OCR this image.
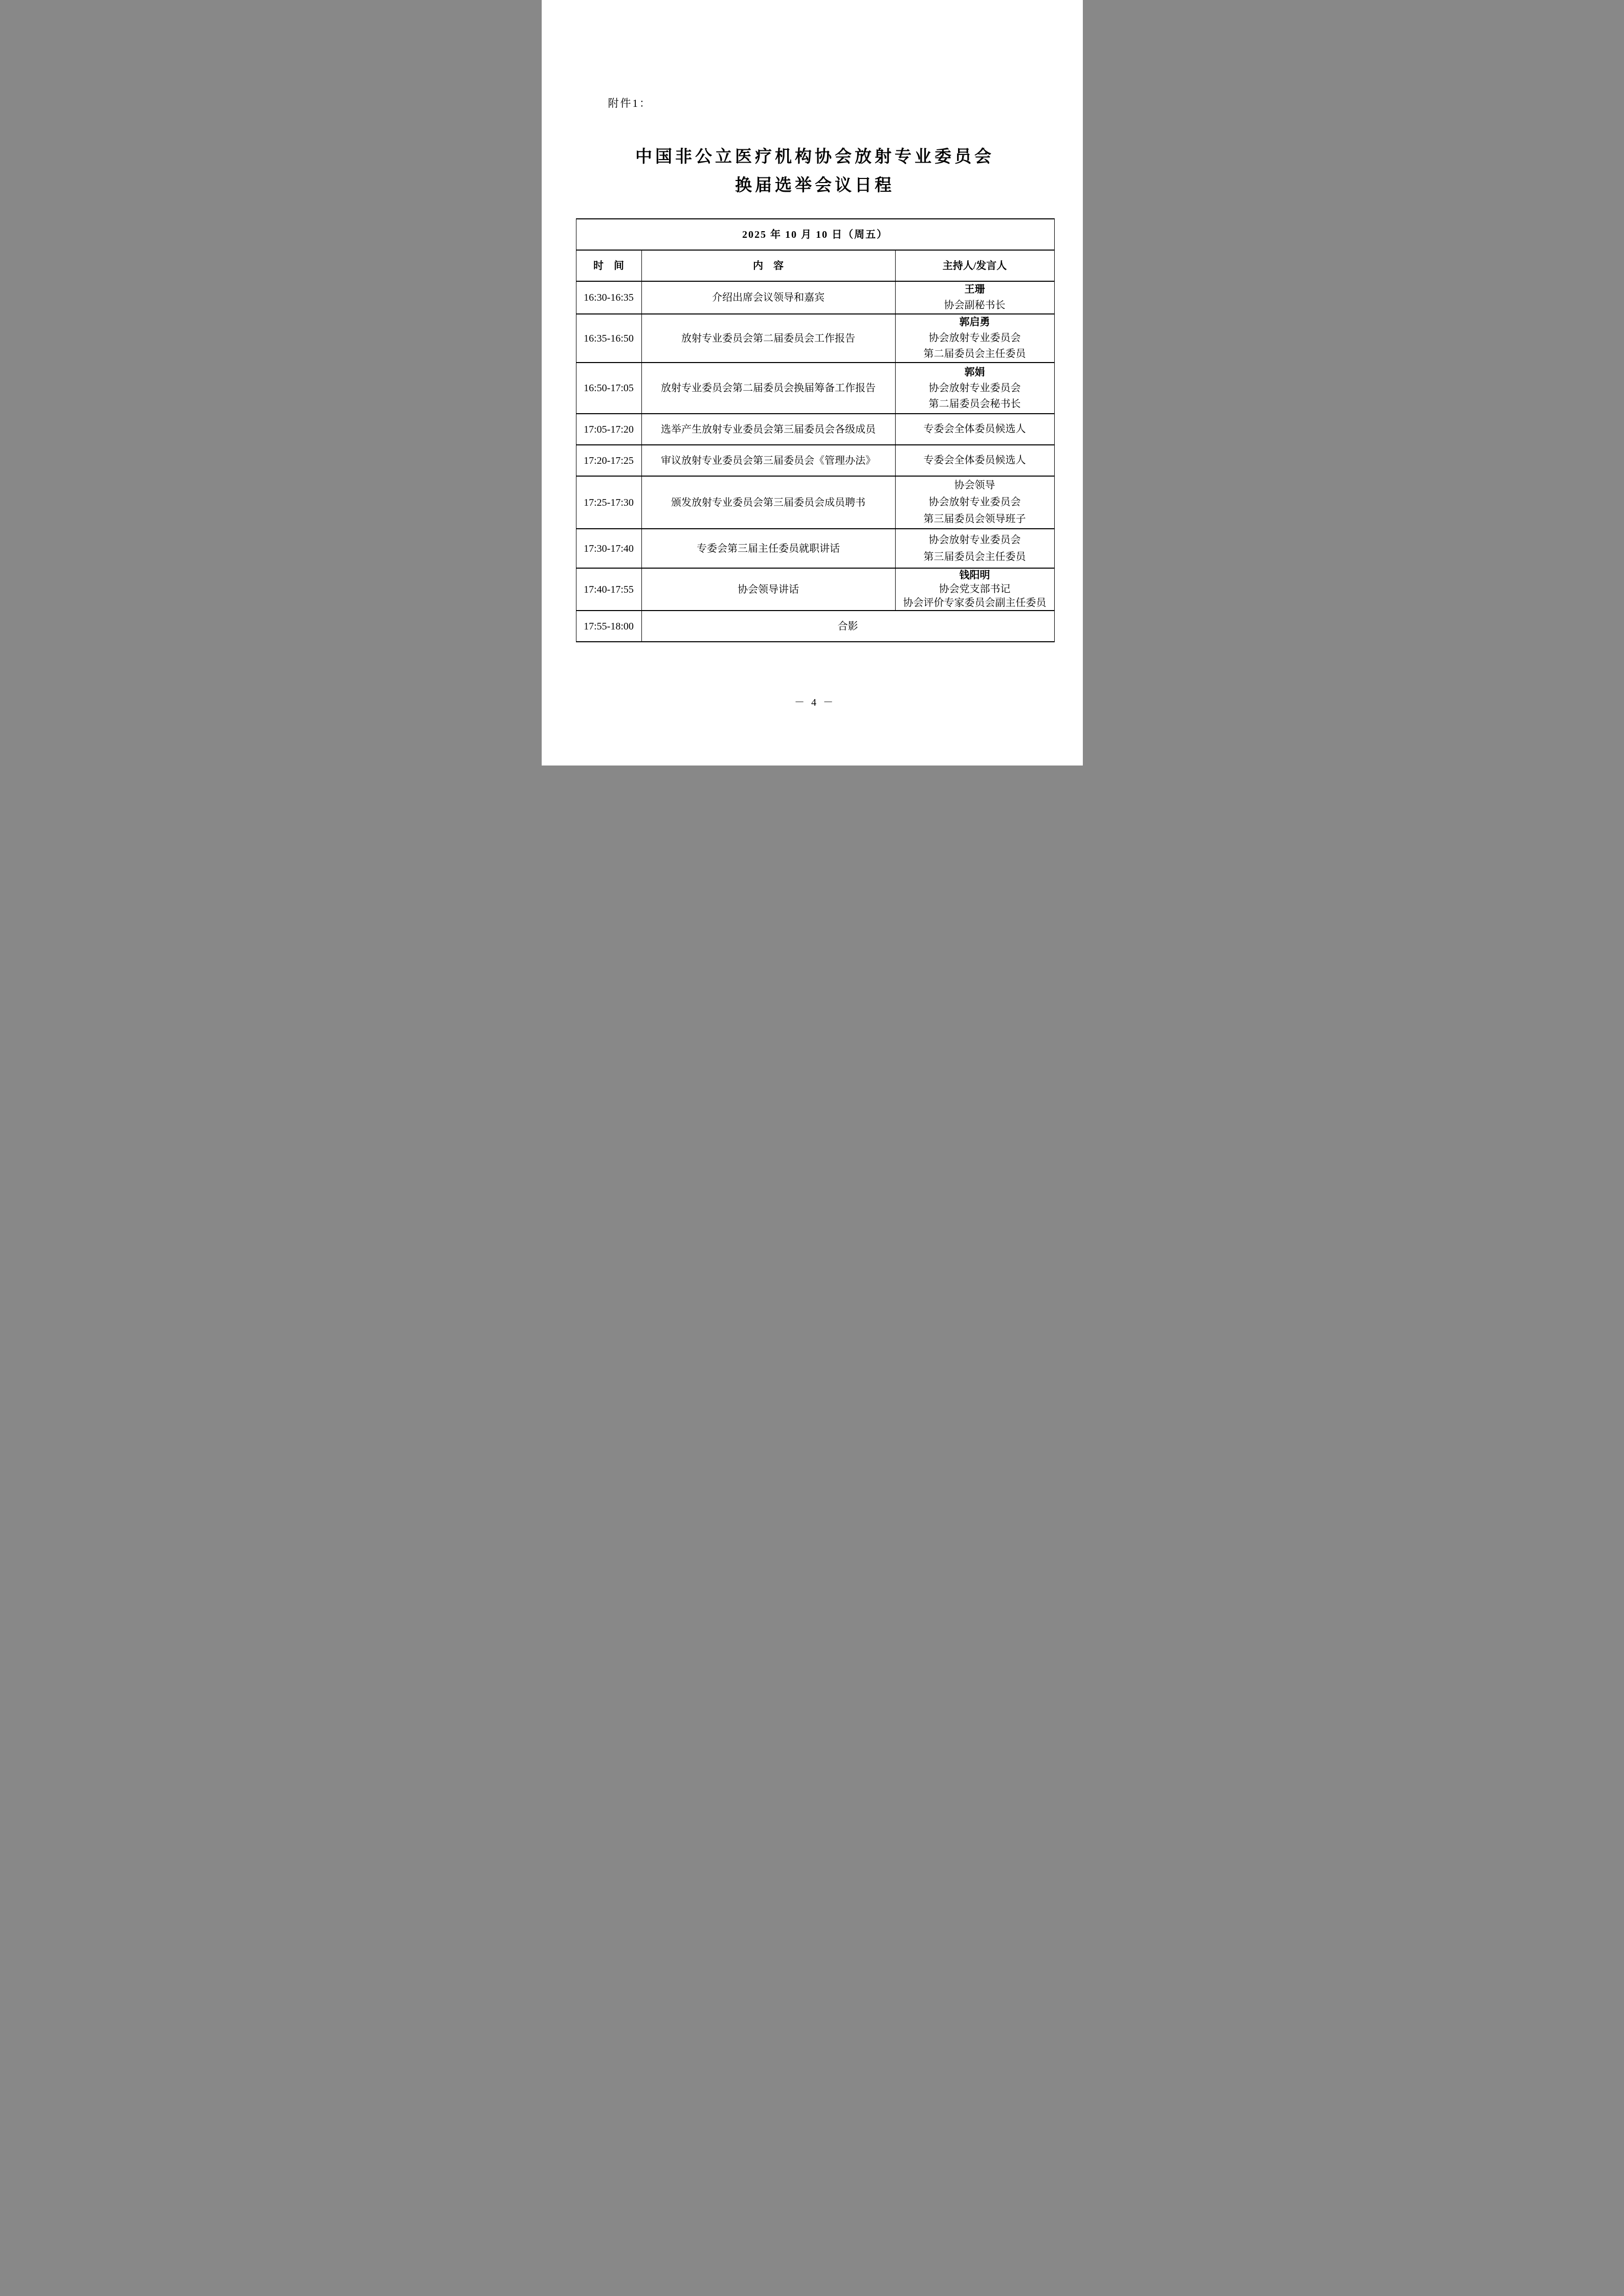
附件1：
中国非公立医疗机构协会放射专业委员会
换届选举会议日程
2025 年 10 月 10 日（周五）		
时　间	内　容	主持人/发言人
16:30-16:35	介绍出席会议领导和嘉宾	王珊
协会副秘书长

16:35-16:50	放射专业委员会第二届委员会工作报告	郭启勇
协会放射专业委员会
第二届委员会主任委员

16:50-17:05	放射专业委员会第二届委员会换届筹备工作报告	郭娟
协会放射专业委员会
第二届委员会秘书长

17:05-17:20	选举产生放射专业委员会第三届委员会各级成员	专委会全体委员候选人

17:20-17:25	审议放射专业委员会第三届委员会《管理办法》	专委会全体委员候选人

17:25-17:30	颁发放射专业委员会第三届委员会成员聘书	协会领导
协会放射专业委员会
第三届委员会领导班子

17:30-17:40	专委会第三届主任委员就职讲话	协会放射专业委员会
第三届委员会主任委员

17:40-17:55	协会领导讲话	钱阳明
协会党支部书记
协会评价专家委员会副主任委员

17:55-18:00	合影	
－ 4 －
